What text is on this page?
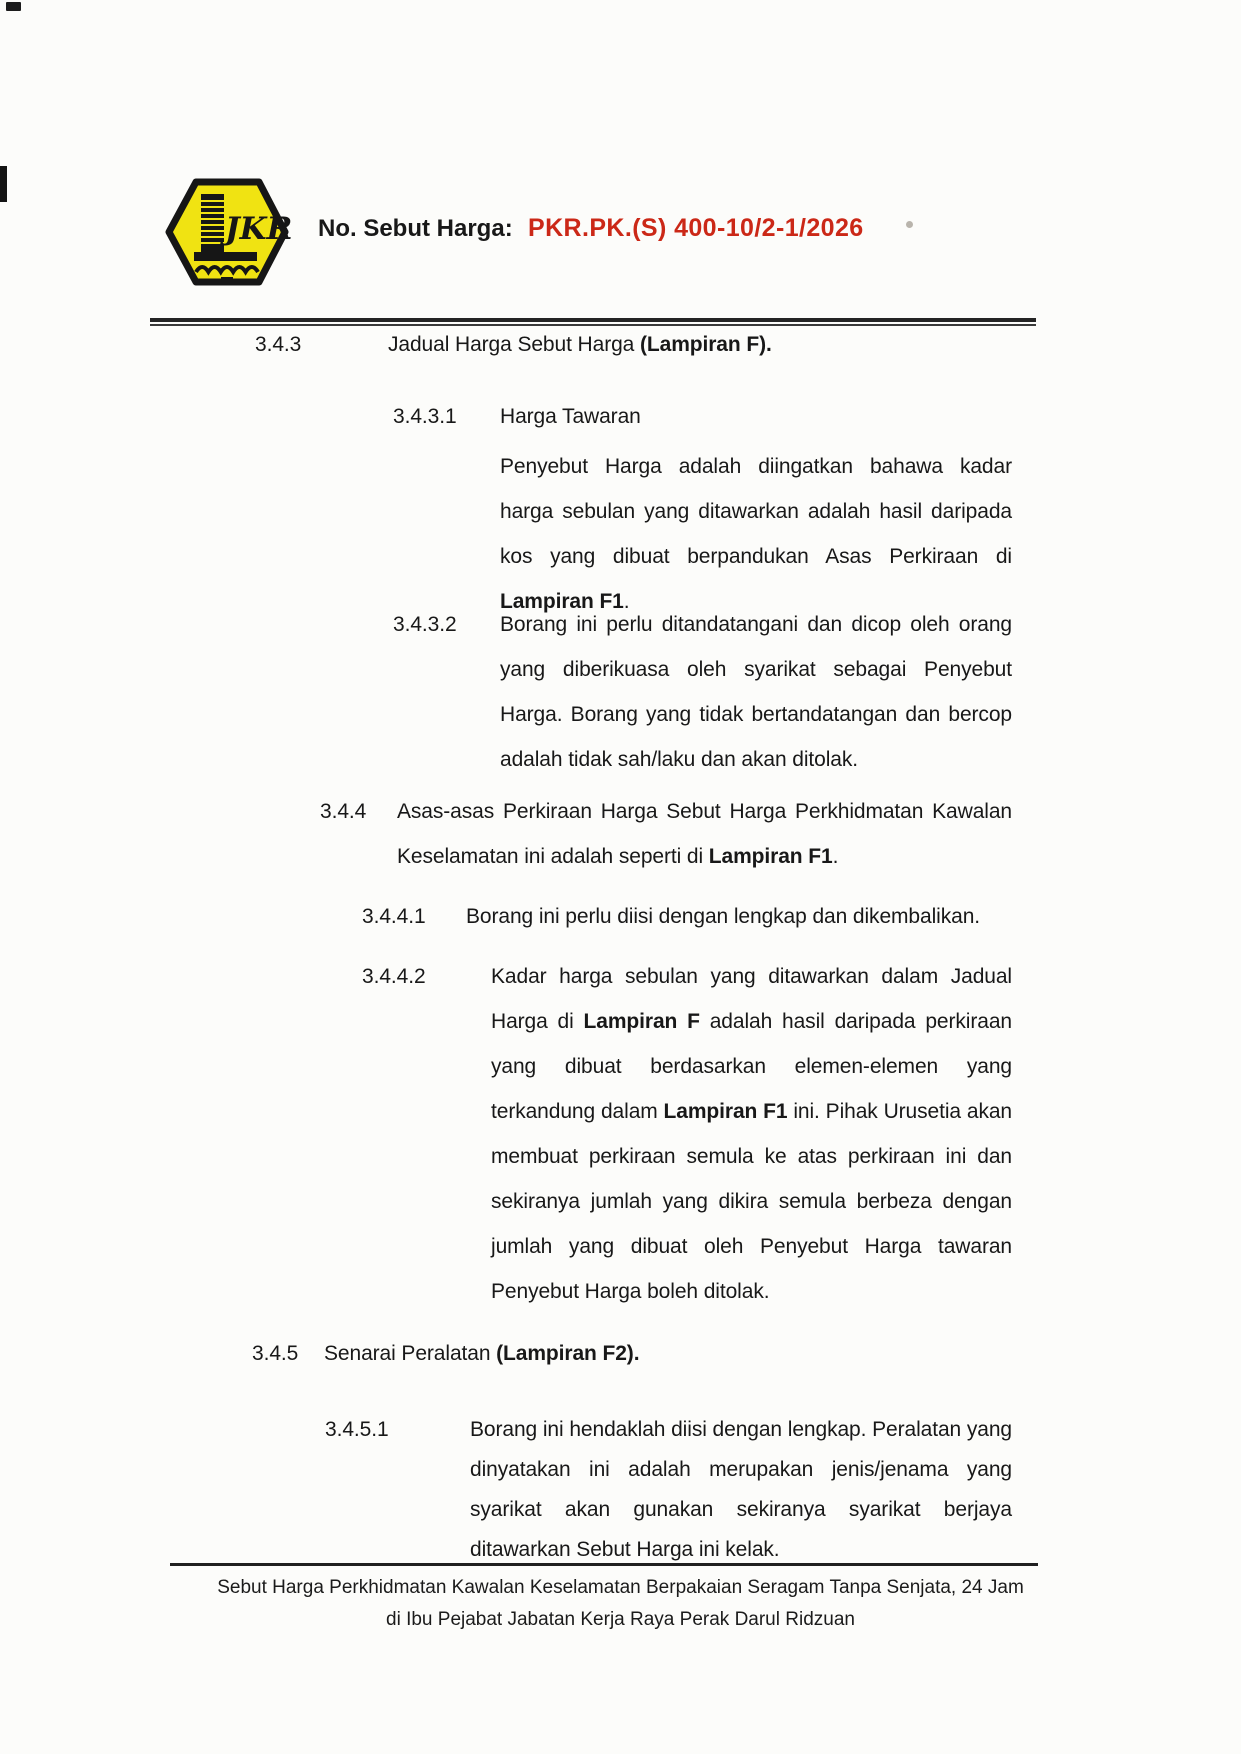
JKR No. Sebut Harga: PKR.PK.(S) 400-10/2-1/2026
3.4.3	Jadual Harga Sebut Harga (Lampiran F).
3.4.3.1	Harga Tawaran
Penyebut Harga adalah diingatkan bahawa kadar harga sebulan yang ditawarkan adalah hasil daripada kos yang dibuat berpandukan Asas Perkiraan di Lampiran F1.
3.4.3.2	Borang ini perlu ditandatangani dan dicop oleh orang yang diberikuasa oleh syarikat sebagai Penyebut Harga. Borang yang tidak bertandatangan dan bercop adalah tidak sah/laku dan akan ditolak.
3.4.4	Asas-asas Perkiraan Harga Sebut Harga Perkhidmatan Kawalan Keselamatan ini adalah seperti di Lampiran F1.
3.4.4.1	Borang ini perlu diisi dengan lengkap dan dikembalikan.
3.4.4.2	Kadar harga sebulan yang ditawarkan dalam Jadual Harga di Lampiran F adalah hasil daripada perkiraan yang dibuat berdasarkan elemen-elemen yang terkandung dalam Lampiran F1 ini. Pihak Urusetia akan membuat perkiraan semula ke atas perkiraan ini dan sekiranya jumlah yang dikira semula berbeza dengan jumlah yang dibuat oleh Penyebut Harga tawaran Penyebut Harga boleh ditolak.
3.4.5	Senarai Peralatan (Lampiran F2).
3.4.5.1	Borang ini hendaklah diisi dengan lengkap. Peralatan yang dinyatakan ini adalah merupakan jenis/jenama yang syarikat akan gunakan sekiranya syarikat berjaya ditawarkan Sebut Harga ini kelak.
Sebut Harga Perkhidmatan Kawalan Keselamatan Berpakaian Seragam Tanpa Senjata, 24 Jam
di Ibu Pejabat Jabatan Kerja Raya Perak Darul Ridzuan
